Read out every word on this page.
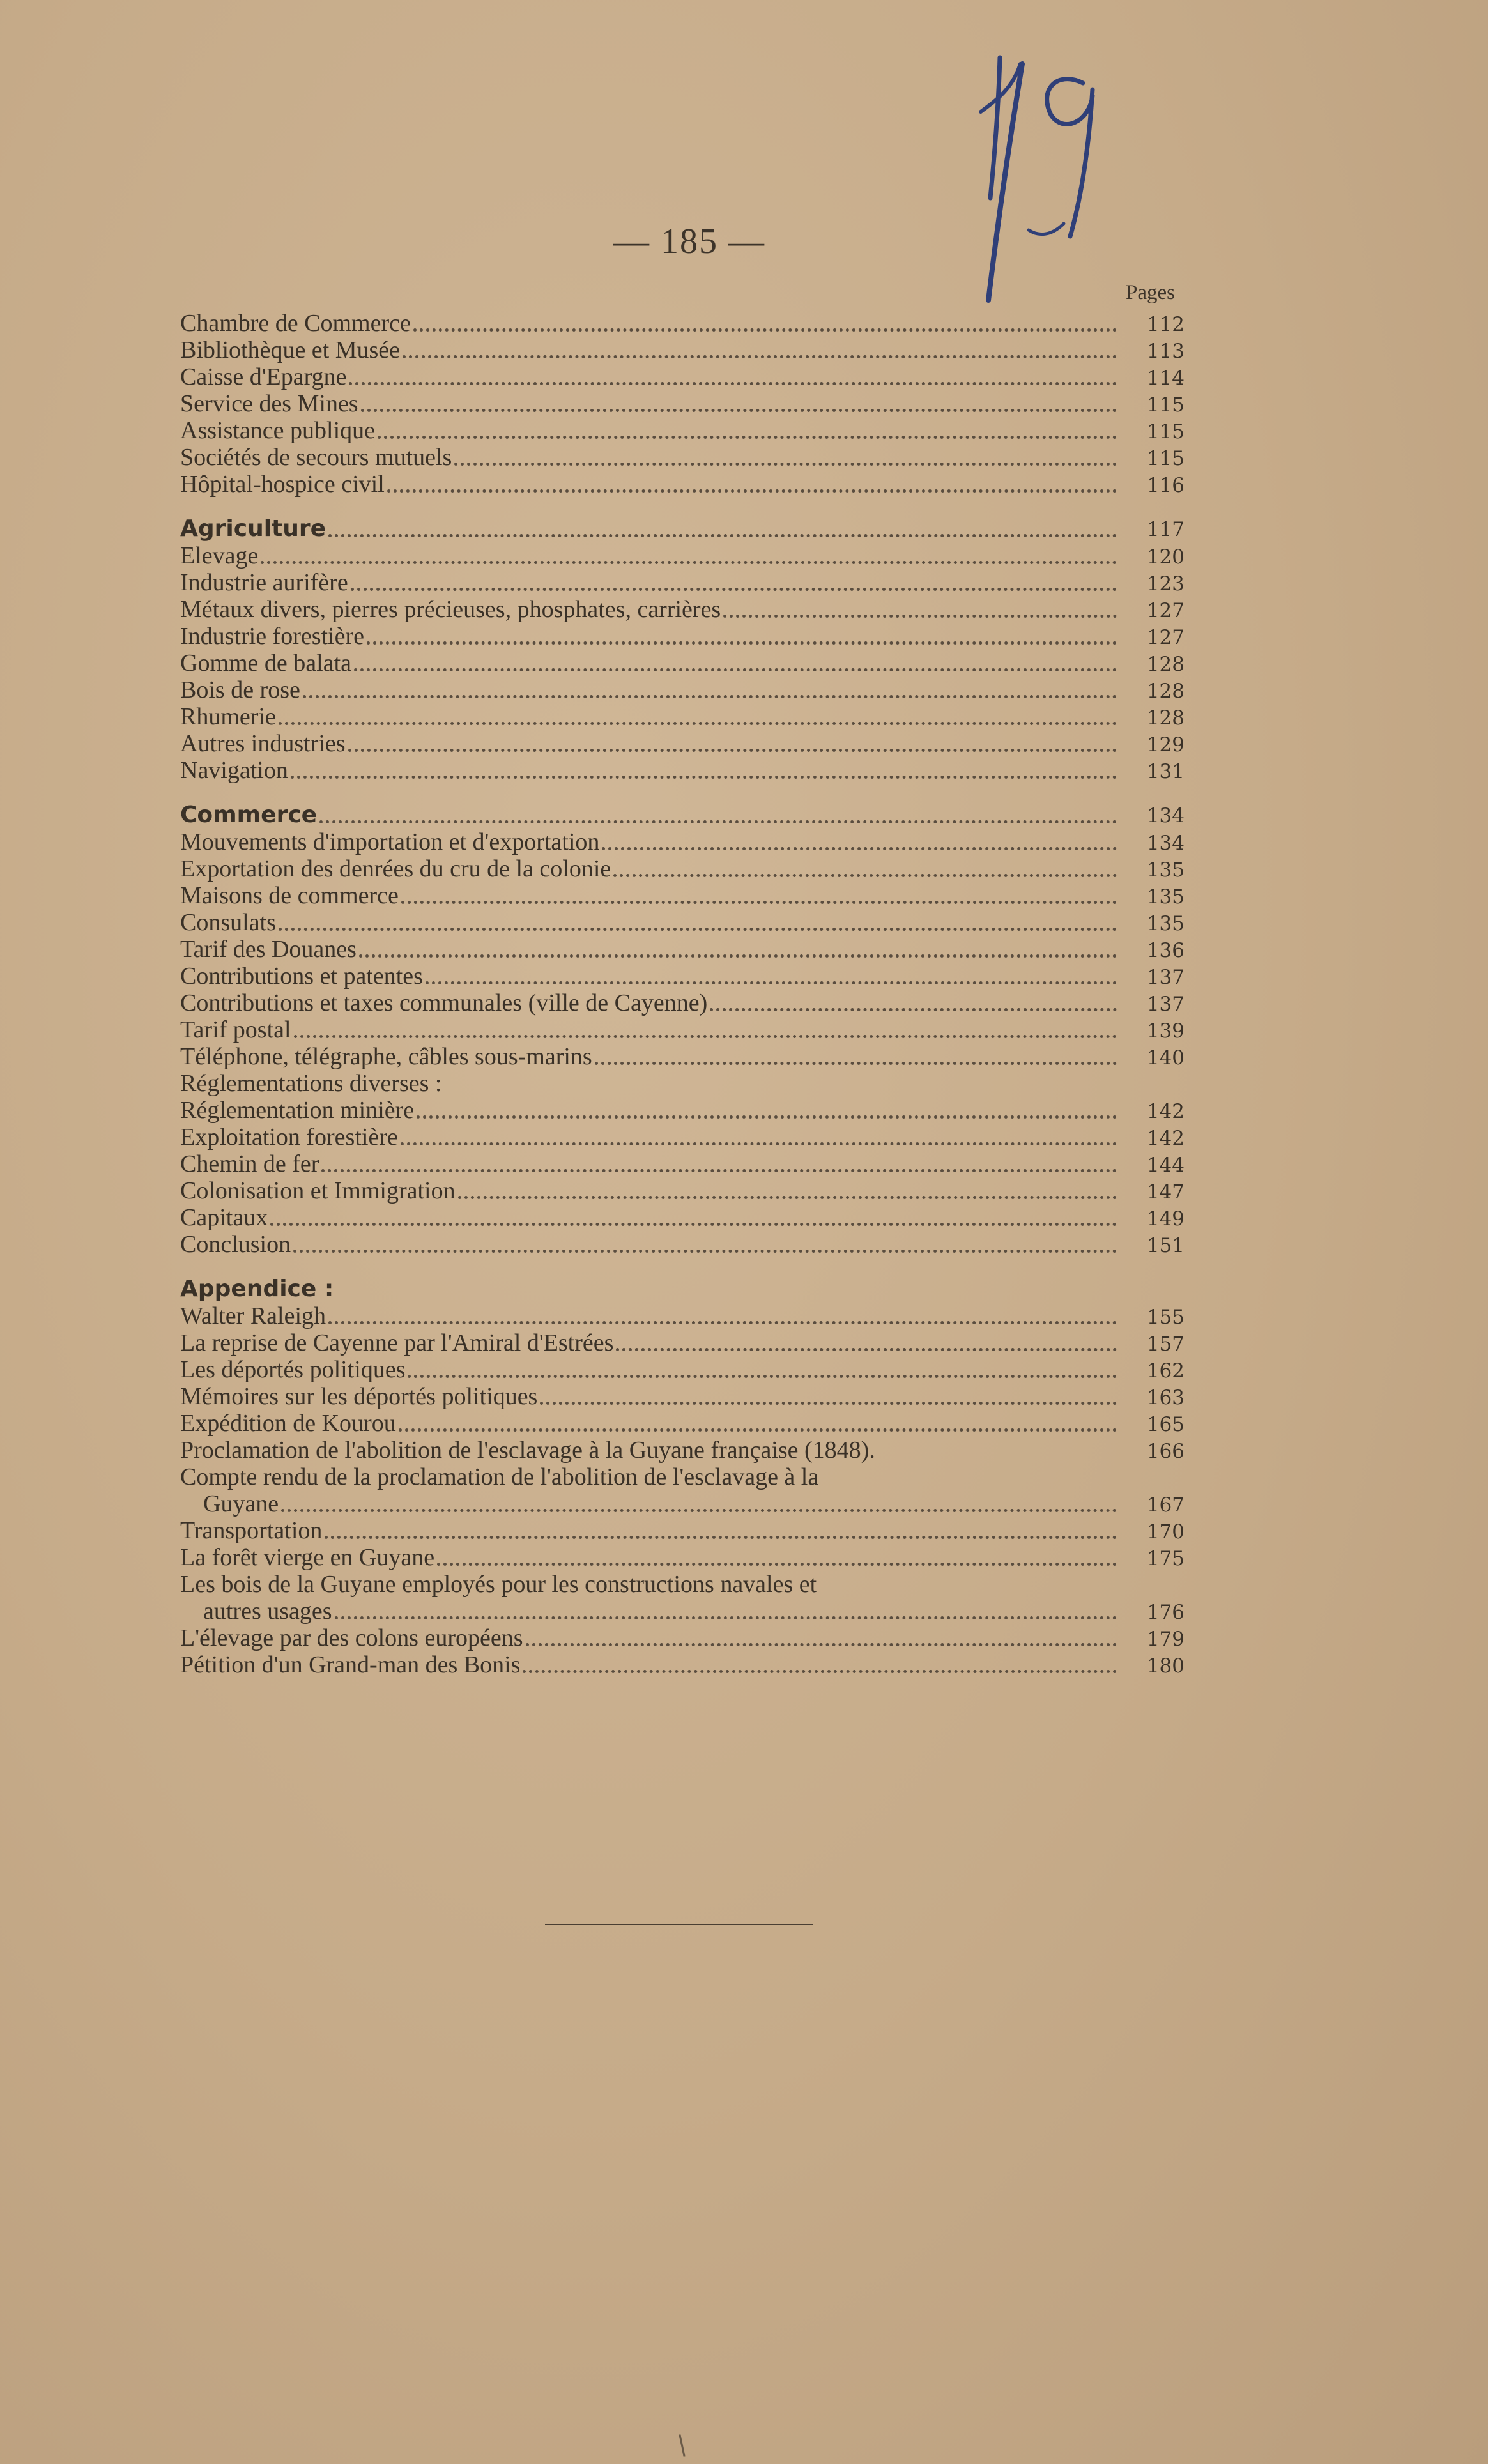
— 185 —
Pages
Chambre de Commerce	112
Bibliothèque et Musée	113
Caisse d'Epargne	114
Service des Mines	115
Assistance publique	115
Sociétés de secours mutuels	115
Hôpital-hospice civil	116
Agriculture	117
Elevage	120
Industrie aurifère	123
Métaux divers, pierres précieuses, phosphates, carrières	127
Industrie forestière	127
Gomme de balata	128
Bois de rose	128
Rhumerie	128
Autres industries	129
Navigation	131
Commerce	134
Mouvements d'importation et d'exportation	134
Exportation des denrées du cru de la colonie	135
Maisons de commerce	135
Consulats	135
Tarif des Douanes	136
Contributions et patentes	137
Contributions et taxes communales (ville de Cayenne)	137
Tarif postal	139
Téléphone, télégraphe, câbles sous-marins	140
Réglementations diverses :
Réglementation minière	142
Exploitation forestière	142
Chemin de fer	144
Colonisation et Immigration	147
Capitaux	149
Conclusion	151
Appendice :
Walter Raleigh	155
La reprise de Cayenne par l'Amiral d'Estrées	157
Les déportés politiques	162
Mémoires sur les déportés politiques	163
Expédition de Kourou	165
Proclamation de l'abolition de l'esclavage à la Guyane française (1848).	166
Compte rendu de la proclamation de l'abolition de l'esclavage à la
Guyane	167
Transportation	170
La forêt vierge en Guyane	175
Les bois de la Guyane employés pour les constructions navales et
autres usages	176
L'élevage par des colons européens	179
Pétition d'un Grand-man des Bonis	180
